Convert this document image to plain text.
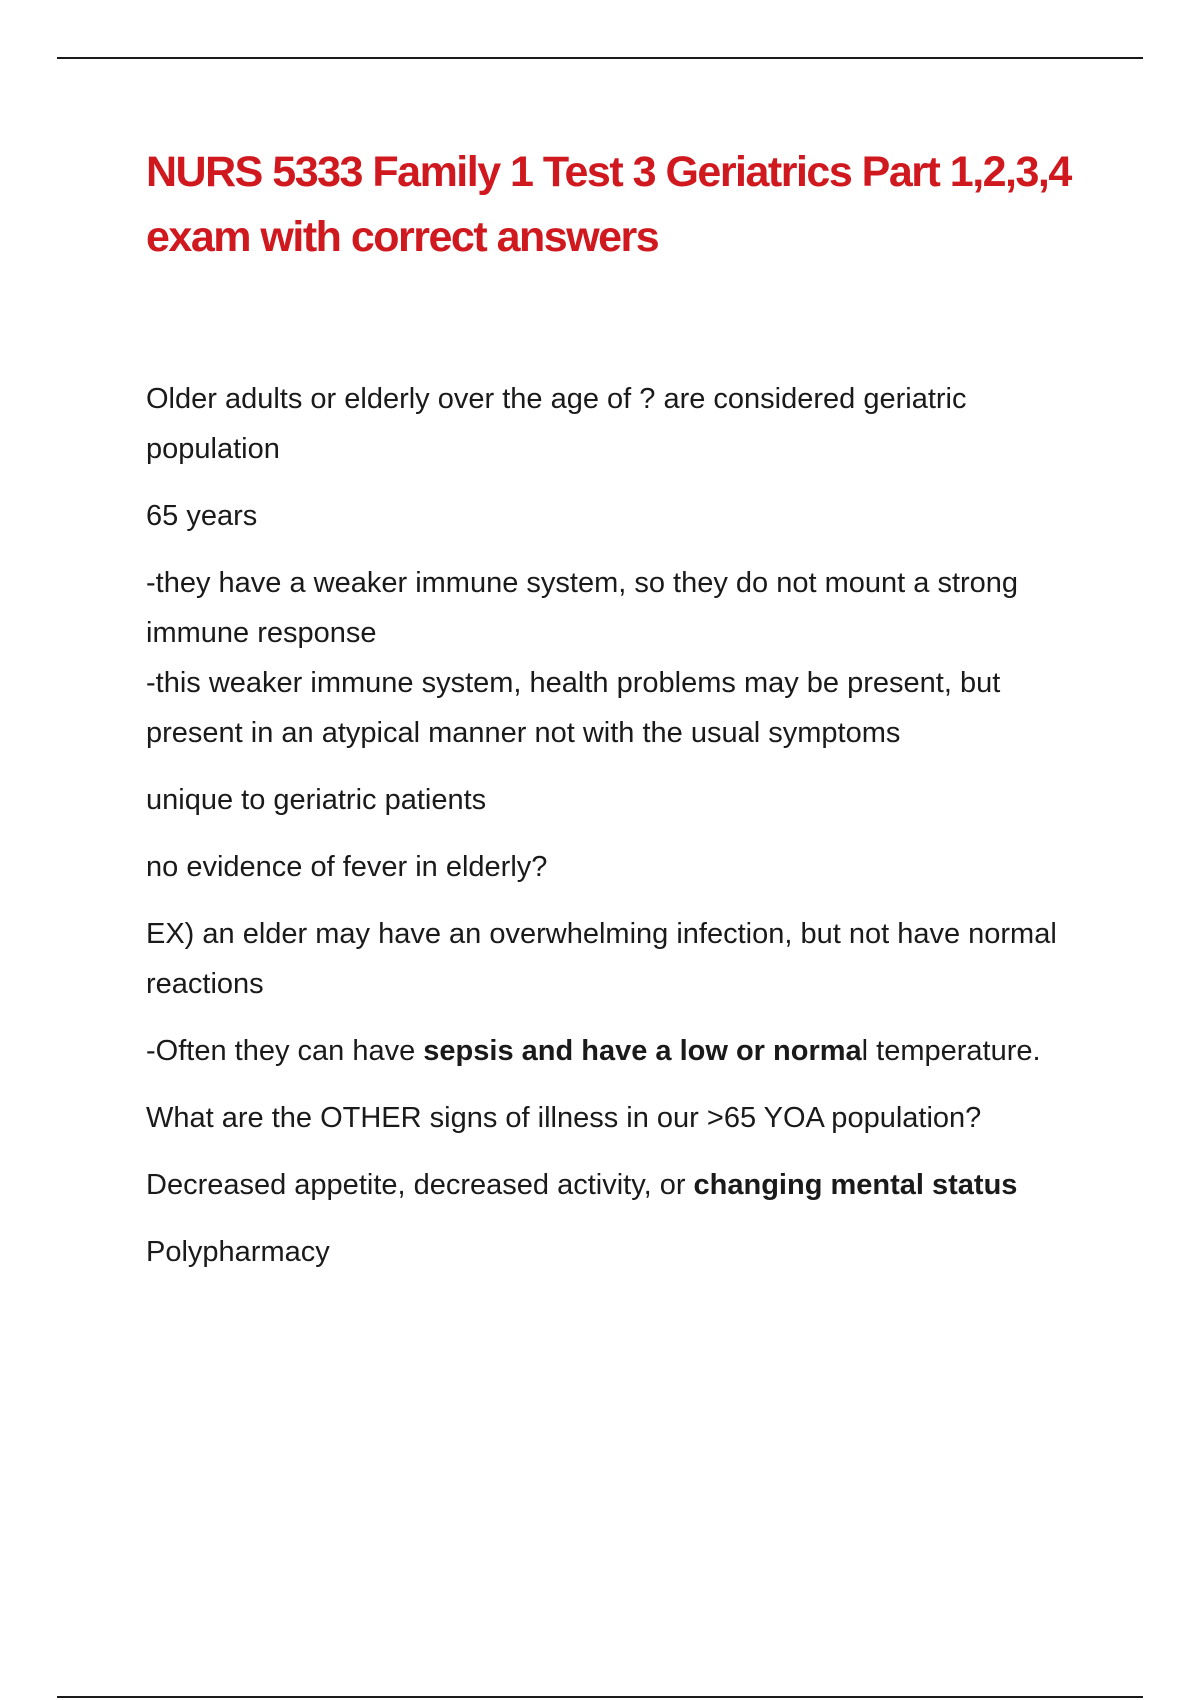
NURS 5333 Family 1 Test 3 Geriatrics Part 1,2,3,4 exam with correct answers

Older adults or elderly over the age of ? are considered geriatric population

65 years

-they have a weaker immune system, so they do not mount a strong immune response

-this weaker immune system, health problems may be present, but present in an atypical manner not with the usual symptoms

unique to geriatric patients

no evidence of fever in elderly?

EX) an elder may have an overwhelming infection, but not have normal reactions

-Often they can have sepsis and have a low or normal temperature.

What are the OTHER signs of illness in our >65 YOA population?

Decreased appetite, decreased activity, or changing mental status

Polypharmacy
